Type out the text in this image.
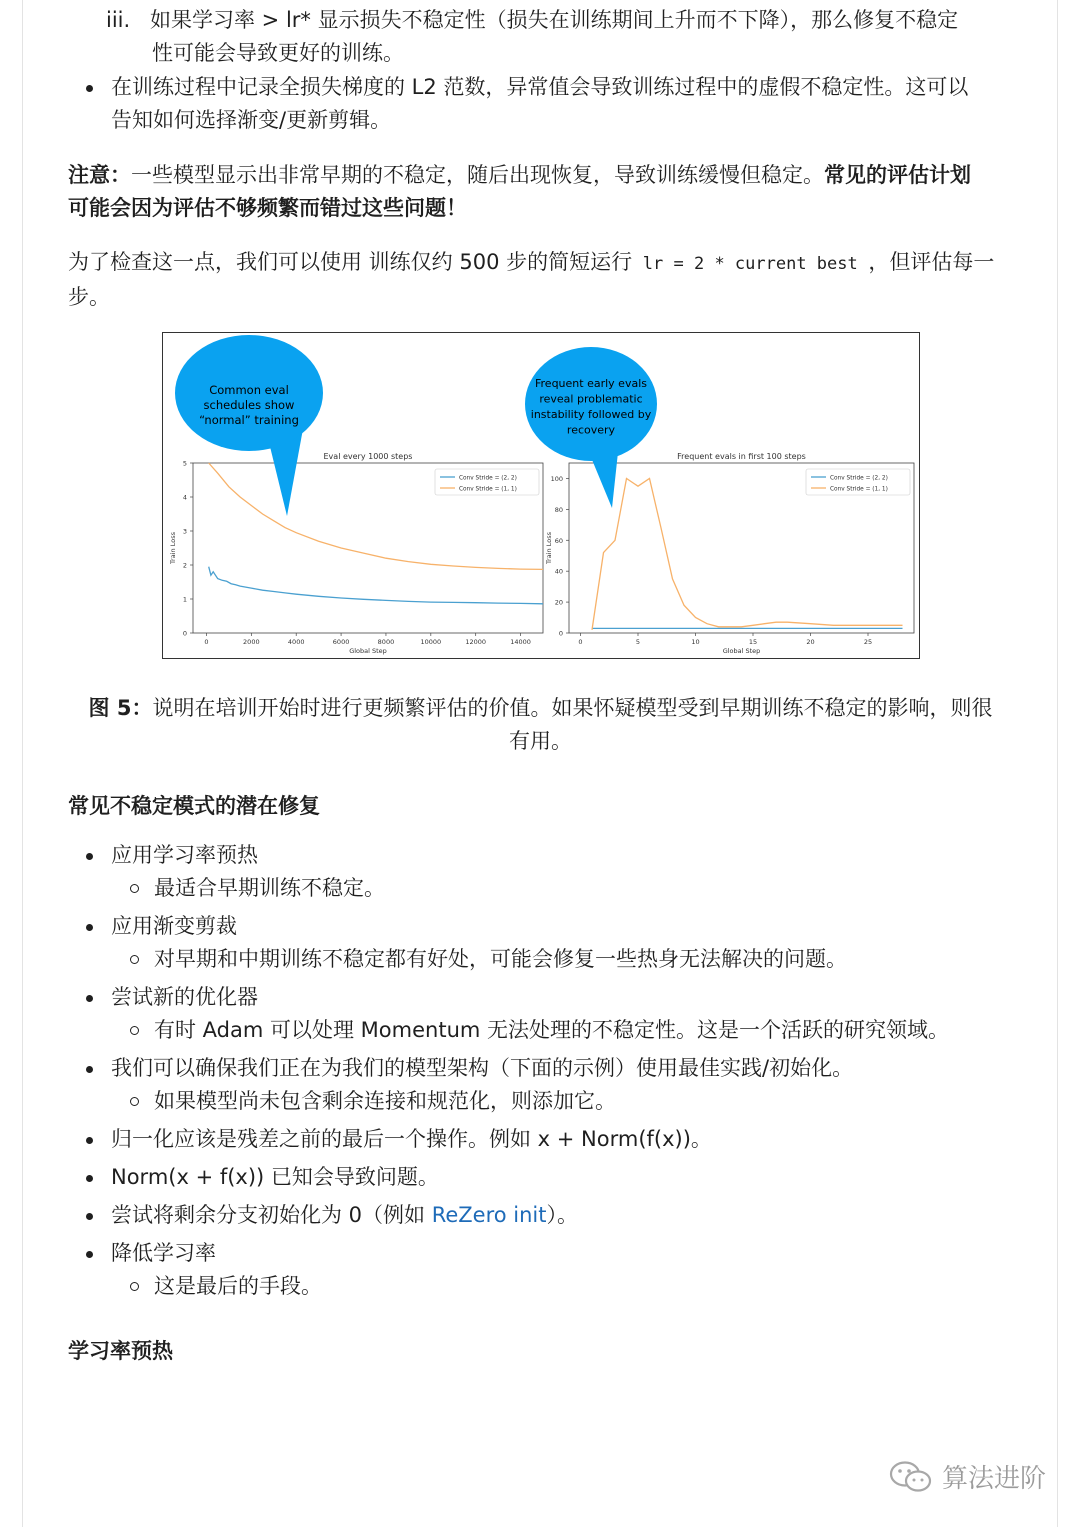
iii. 如果学习率 > lr* 显示损失不稳定性（损失在训练期间上升而不下降），那么修复不稳定
性可能会导致更好的训练。
在训练过程中记录全损失梯度的 L2 范数，异常值会导致训练过程中的虚假不稳定性。这可以
告知如何选择渐变/更新剪辑。
注意：一些模型显示出非常早期的不稳定，随后出现恢复，导致训练缓慢但稳定。常见的评估计划
可能会因为评估不够频繁而错过这些问题！
为了检查这一点，我们可以使用 训练仅约 500 步的简短运行 lr = 2 * current best ，但评估每一
步。
Eval every 1000 steps
0	2000	4000	6000	8000	10000	12000	14000
0
1
2
3
4
5
Global Step
Train Loss
Conv Stride = (2, 2)
Conv Stride = (1, 1)
Frequent evals in first 100 steps
0	5	10	15	20	25
0
20
40
60
80
100
Global Step
Train Loss
Conv Stride = (2, 2)
Conv Stride = (1, 1)
Common eval
schedules show
“normal” training
Frequent early evals
reveal problematic
instability followed by
recovery
图 5：说明在培训开始时进行更频繁评估的价值。如果怀疑模型受到早期训练不稳定的影响，则很
有用。
常见不稳定模式的潜在修复
应用学习率预热
最适合早期训练不稳定。
应用渐变剪裁
对早期和中期训练不稳定都有好处，可能会修复一些热身无法解决的问题。
尝试新的优化器
有时 Adam 可以处理 Momentum 无法处理的不稳定性。这是一个活跃的研究领域。
我们可以确保我们正在为我们的模型架构（下面的示例）使用最佳实践/初始化。
如果模型尚未包含剩余连接和规范化，则添加它。
归一化应该是残差之前的最后一个操作。例如 x + Norm(f(x))。
Norm(x + f(x)) 已知会导致问题。
尝试将剩余分支初始化为 0（例如 ReZero init）。
降低学习率
这是最后的手段。
学习率预热
算法进阶
